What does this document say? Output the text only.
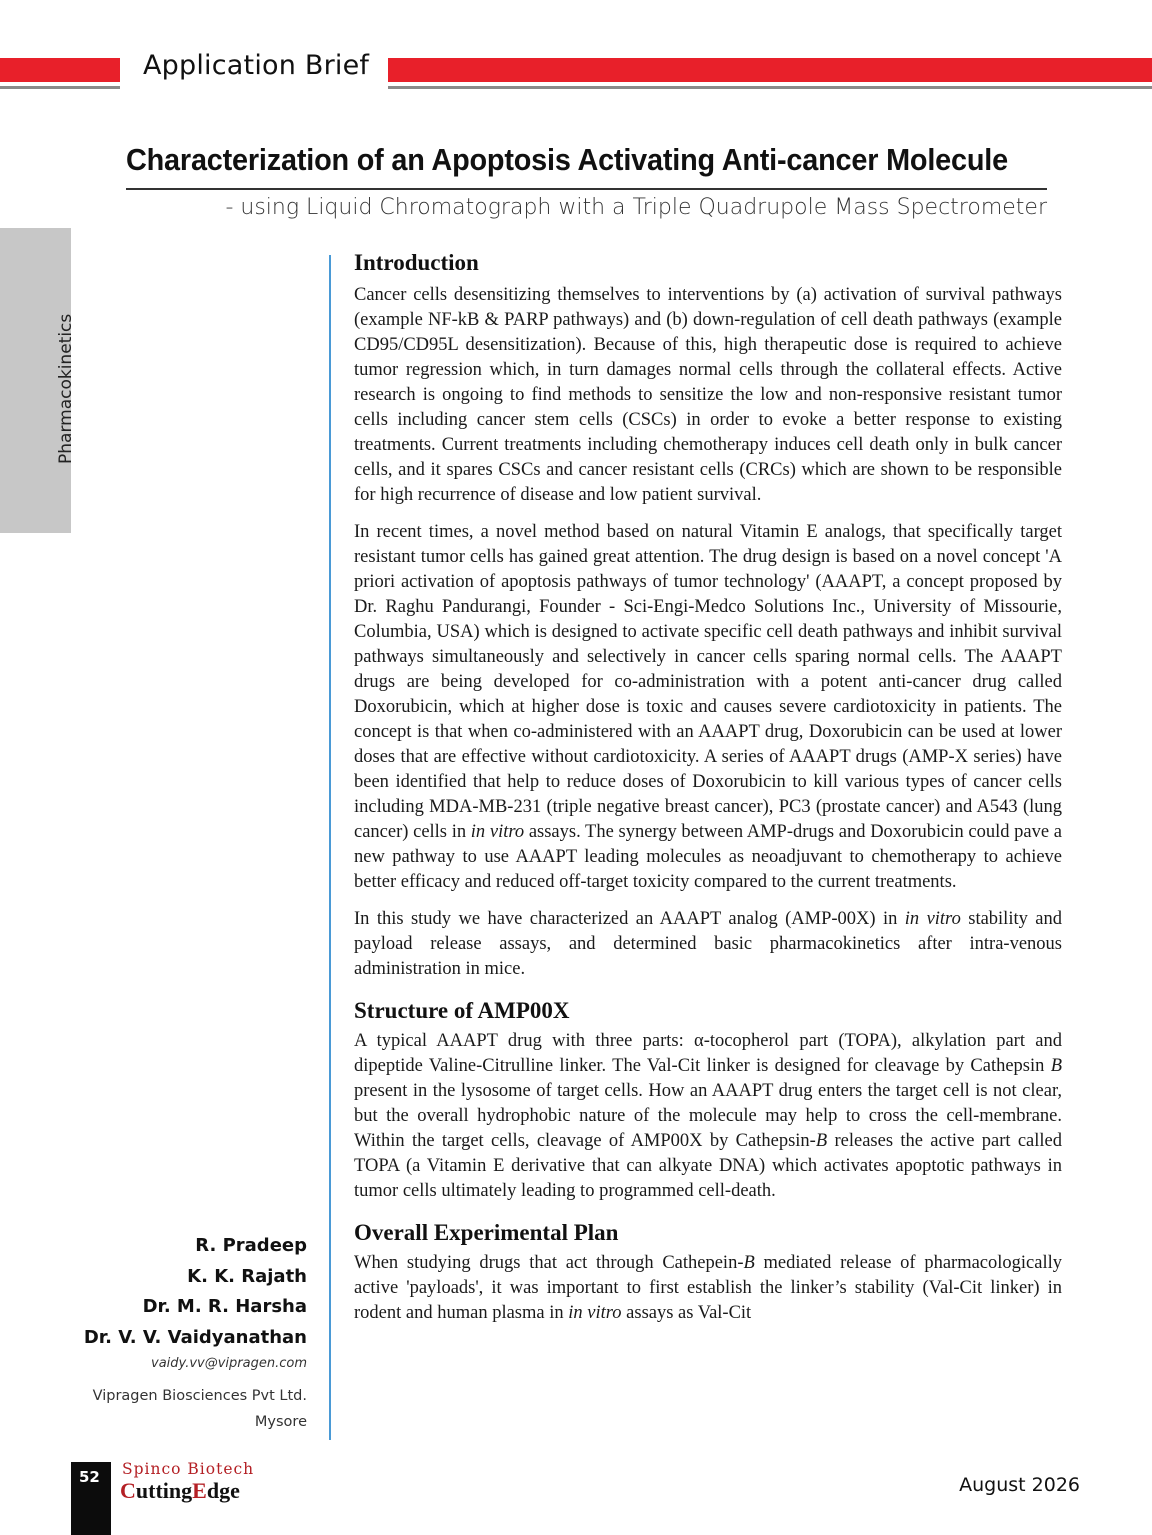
Application Brief
Characterization of an Apoptosis Activating Anti-cancer Molecule
- using Liquid Chromatograph with a Triple Quadrupole Mass Spectrometer
Pharmacokinetics
Introduction

Cancer cells desensitizing themselves to interventions by (a) activation of survival pathways (example NF-kB & PARP pathways) and (b) down-regulation of cell death pathways (example CD95/CD95L desensitization). Because of this, high therapeutic dose is required to achieve tumor regression which, in turn damages normal cells through the collateral effects. Active research is ongoing to find methods to sensitize the low and non-responsive resistant tumor cells including cancer stem cells (CSCs) in order to evoke a better response to existing treatments. Current treatments including chemotherapy induces cell death only in bulk cancer cells, and it spares CSCs and cancer resistant cells (CRCs) which are shown to be responsible for high recurrence of disease and low patient survival.

In recent times, a novel method based on natural Vitamin E analogs, that specifically target resistant tumor cells has gained great attention. The drug design is based on a novel concept 'A priori activation of apoptosis pathways of tumor technology' (AAAPT, a concept proposed by Dr. Raghu Pandurangi, Founder - Sci-Engi-Medco Solutions Inc., University of Missourie, Columbia, USA) which is designed to activate specific cell death pathways and inhibit survival pathways simultaneously and selectively in cancer cells sparing normal cells. The AAAPT drugs are being developed for co-administration with a potent anti-cancer drug called Doxorubicin, which at higher dose is toxic and causes severe cardiotoxicity in patients. The concept is that when co-administered with an AAAPT drug, Doxorubicin can be used at lower doses that are effective without cardiotoxicity. A series of AAAPT drugs (AMP-X series) have been identified that help to reduce doses of Doxorubicin to kill various types of cancer cells including MDA-MB-231 (triple negative breast cancer), PC3 (prostate cancer) and A543 (lung cancer) cells in in vitro assays. The synergy between AMP-drugs and Doxorubicin could pave a new pathway to use AAAPT leading molecules as neoadjuvant to chemotherapy to achieve better efficacy and reduced off-target toxicity compared to the current treatments.

In this study we have characterized an AAAPT analog (AMP-00X) in in vitro stability and payload release assays, and determined basic pharmacokinetics after intra-venous administration in mice.

Structure of AMP00X

A typical AAAPT drug with three parts: α-tocopherol part (TOPA), alkylation part and dipeptide Valine-Citrulline linker. The Val-Cit linker is designed for cleavage by Cathepsin B present in the lysosome of target cells. How an AAAPT drug enters the target cell is not clear, but the overall hydrophobic nature of the molecule may help to cross the cell-membrane. Within the target cells, cleavage of AMP00X by Cathepsin-B releases the active part called TOPA (a Vitamin E derivative that can alkyate DNA) which activates apoptotic pathways in tumor cells ultimately leading to programmed cell-death.

Overall Experimental Plan

When studying drugs that act through Cathepein-B mediated release of pharmacologically active 'payloads', it was important to first establish the linker’s stability (Val-Cit linker) in rodent and human plasma in in vitro assays as Val-Cit

R. Pradeep
K. K. Rajath
Dr. M. R. Harsha
Dr. V. V. Vaidyanathan
vaidy.vv@vipragen.com
Vipragen Biosciences Pvt Ltd.
Mysore
52 Spinco Biotech
CuttingEdge	August 2026
